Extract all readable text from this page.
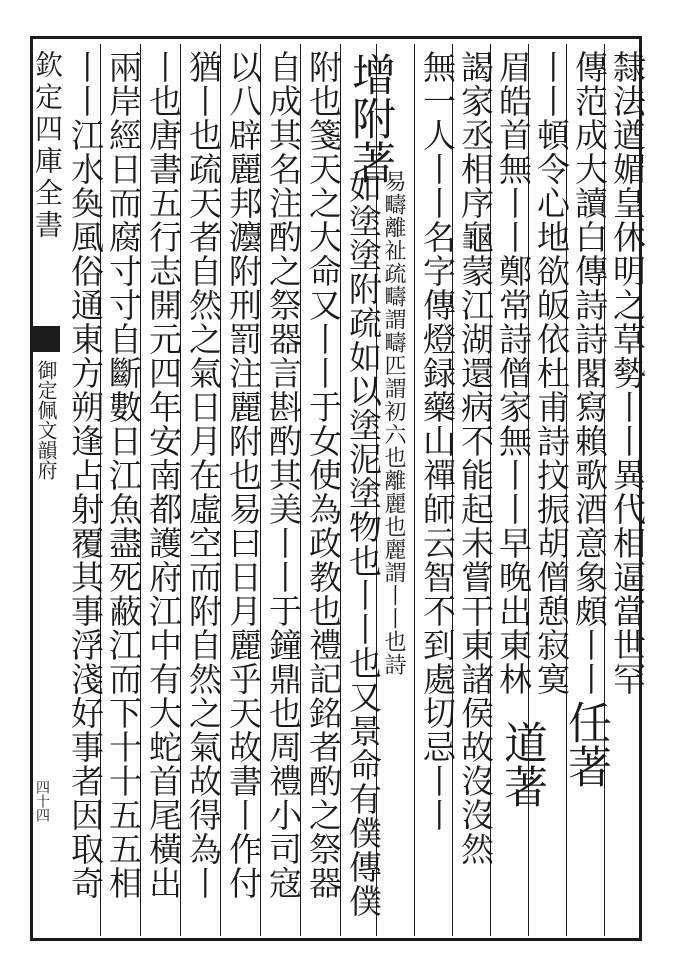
欽定四庫全書
御定佩文韻府
四十四
隸法遒媚皇休明之草勢丨丨異代相逼當世罕
傳范成大讀白傳詩詩閣寫賴歌酒意象頗丨丨
丨丨頓令心地欲皈依杜甫詩抆振胡僧憩寂寞
眉皓首無丨丨鄭常詩僧家無丨丨早晚出東林
謁家丞相序龜蒙江湖還病不能起未嘗干東諸侯故沒沒然
無一人丨丨名字傳燈録藥山禪師云智不到處切忌丨丨
易疇離祉疏疇謂疇匹謂初六也離麗也麗謂丨丨也詩
如塗塗附疏如以塗泥塗物也丨丨也又景命有僕傳僕
附也箋天之大命又丨丨于女使為政教也禮記銘者酌之祭器
自成其名注酌之祭器言斟酌其美丨丨于鐘鼎也周禮小司寇
以八辟麗邦灋附刑罰注麗附也易曰日月麗乎天故書丨作付
猶丨也疏天者自然之氣日月在虛空而附自然之氣故得為丨
丨也唐書五行志開元四年安南都護府江中有大蛇首尾橫出
兩岸經日而腐寸寸自斷數日江魚盡死蔽江而下十十五五相
丨丨江水奐風俗通東方朔逢占射覆其事浮淺好事者因取奇	增附著
任著
道著
